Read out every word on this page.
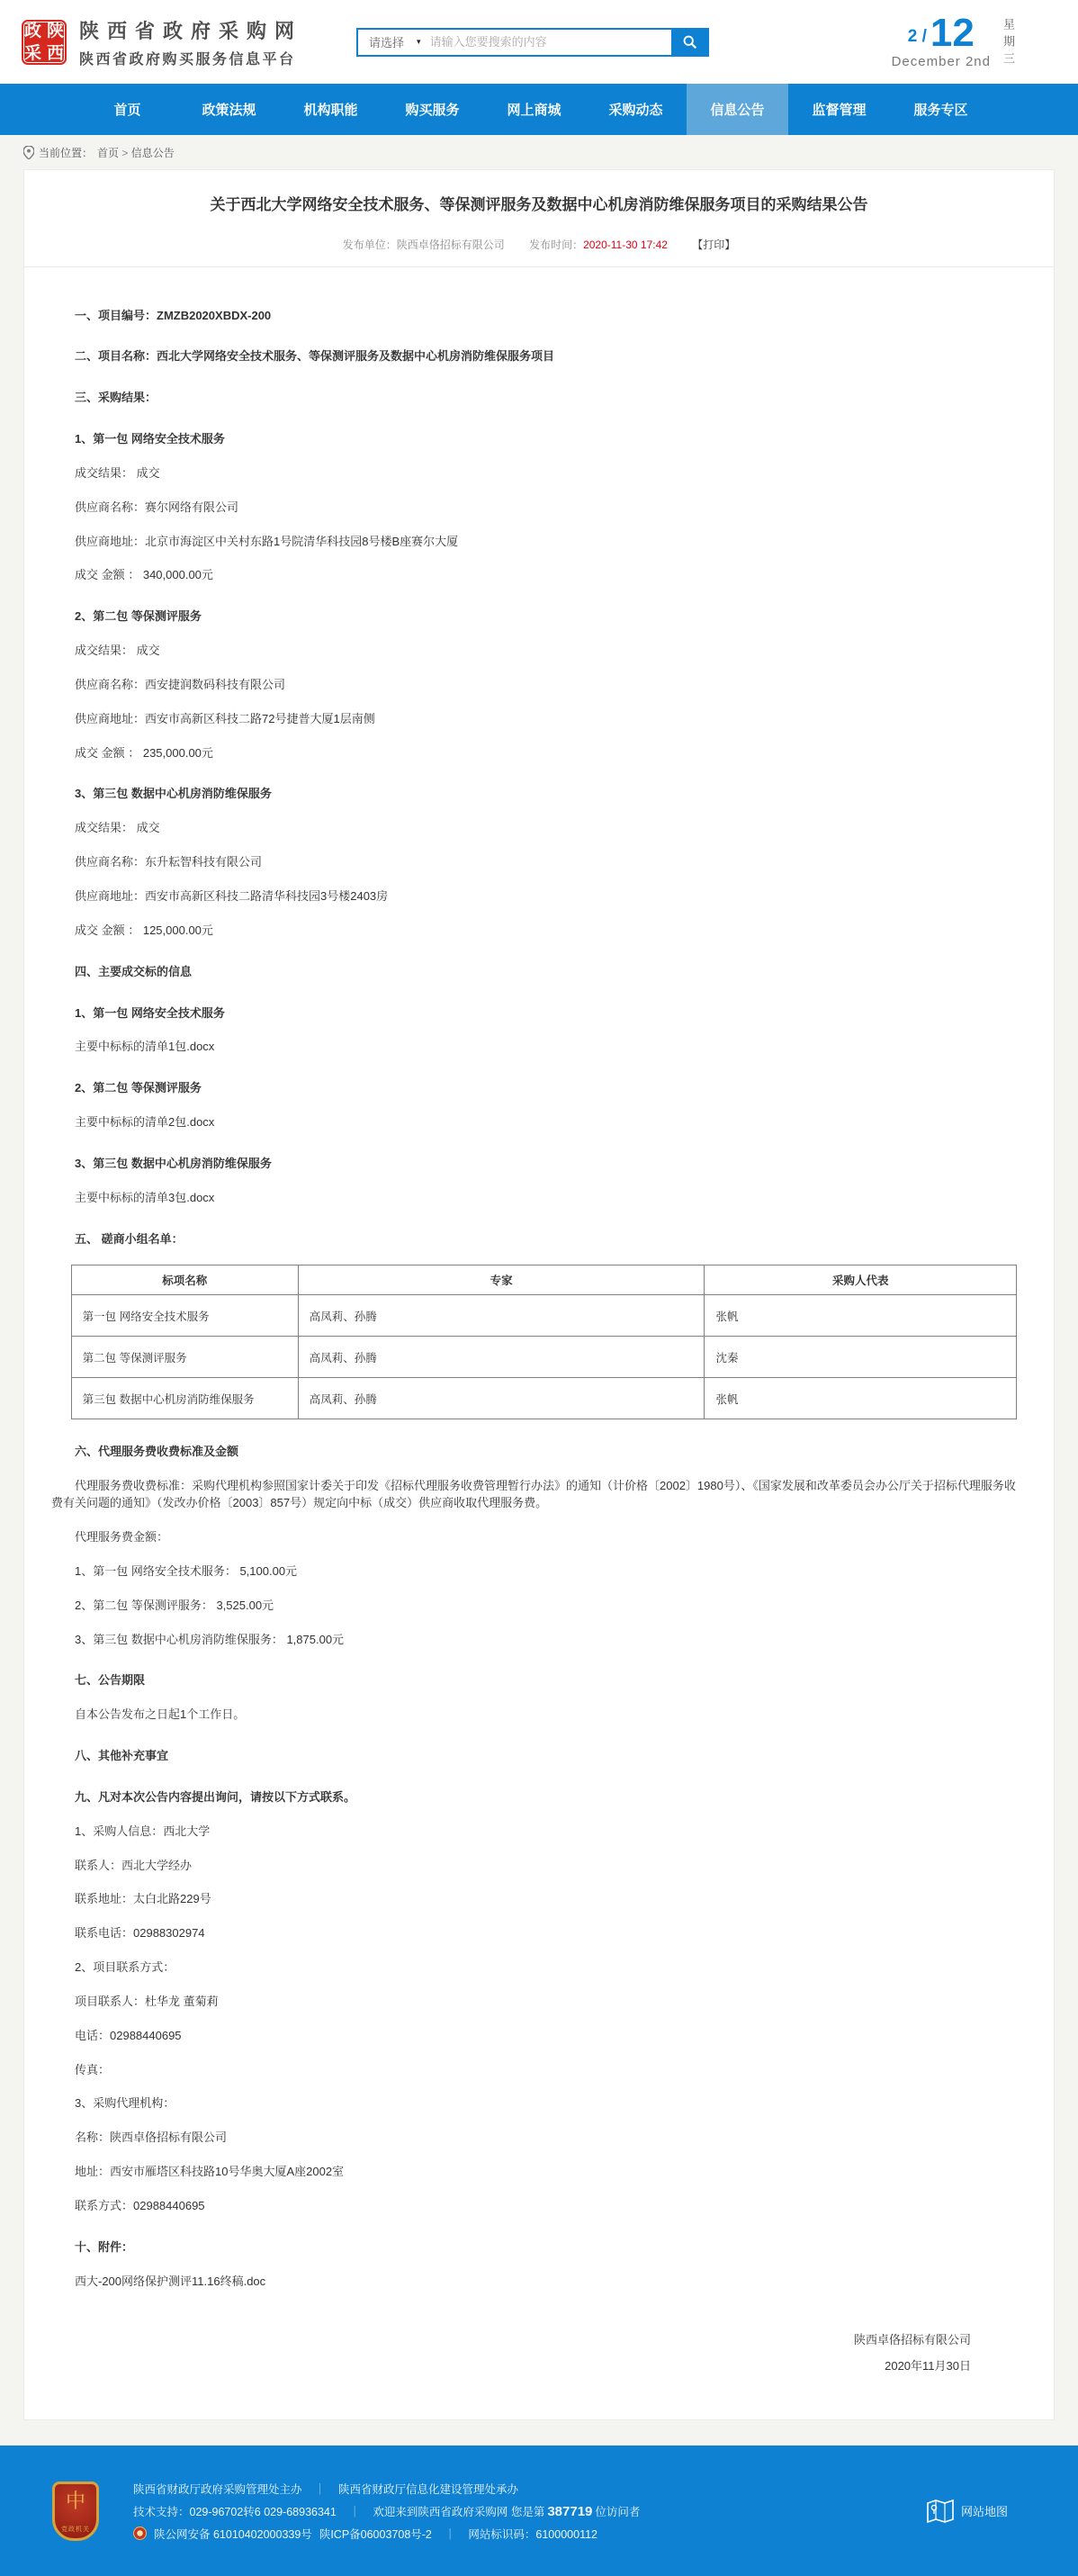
政 陕
采 西
陕西省政府采购网
陕西省政府购买服务信息平台
请选择 ▾
请输入您要搜索的内容	2 / 12
December 2nd 星期三
首页	政策法规	机构职能	购买服务	网上商城	采购动态	信息公告	监督管理	服务专区
当前位置： 首页 > 信息公告
关于西北大学网络安全技术服务、等保测评服务及数据中心机房消防维保服务项目的采购结果公告
发布单位：陕西卓佫招标有限公司 发布时间：2020-11-30 17:42 【打印】

一、项目编号：ZMZB2020XBDX-200

二、项目名称：西北大学网络安全技术服务、等保测评服务及数据中心机房消防维保服务项目

三、采购结果：

1、第一包 网络安全技术服务

成交结果： 成交

供应商名称：赛尔网络有限公司

供应商地址：北京市海淀区中关村东路1号院清华科技园8号楼B座赛尔大厦

成交 金额 ： 340,000.00元

2、第二包 等保测评服务

成交结果： 成交

供应商名称：西安捷润数码科技有限公司

供应商地址：西安市高新区科技二路72号捷普大厦1层南侧

成交 金额 ： 235,000.00元

3、第三包 数据中心机房消防维保服务

成交结果： 成交

供应商名称：东升耘智科技有限公司

供应商地址：西安市高新区科技二路清华科技园3号楼2403房

成交 金额 ： 125,000.00元

四、主要成交标的信息

1、第一包 网络安全技术服务

主要中标标的清单1包.docx

2、第二包 等保测评服务

主要中标标的清单2包.docx

3、第三包 数据中心机房消防维保服务

主要中标标的清单3包.docx

五、 磋商小组名单：

标项名称	专家	采购人代表
第一包 网络安全技术服务	高凤莉、孙腾	张帆
第二包 等保测评服务	高凤莉、孙腾	沈秦
第三包 数据中心机房消防维保服务	高凤莉、孙腾	张帆

六、代理服务费收费标准及金额

代理服务费收费标准：采购代理机构参照国家计委关于印发《招标代理服务收费管理暂行办法》的通知（计价格〔2002〕1980号）、《国家发展和改革委员会办公厅关于招标代理服务收费有关问题的通知》（发改办价格〔2003〕857号）规定向中标（成交）供应商收取代理服务费。

代理服务费金额：

1、第一包 网络安全技术服务： 5,100.00元

2、第二包 等保测评服务： 3,525.00元

3、第三包 数据中心机房消防维保服务： 1,875.00元

七、公告期限

自本公告发布之日起1个工作日。

八、其他补充事宜

九、凡对本次公告内容提出询问，请按以下方式联系。

1、采购人信息：西北大学

联系人：西北大学经办

联系地址：太白北路229号

联系电话：02988302974

2、项目联系方式：

项目联系人：杜华龙 董菊莉

电话：02988440695

传真：

3、采购代理机构：

名称：陕西卓佫招标有限公司

地址：西安市雁塔区科技路10号华奥大厦A座2002室

联系方式：02988440695

十、附件：

西大-200网络保护测评11.16终稿.doc

陕西卓佫招标有限公司
2020年11月30日
中
党政机关
陕西省财政厅政府采购管理处主办	｜	陕西省财政厅信息化建设管理处承办
技术支持：029-96702转6 029-68936341	｜	欢迎来到陕西省政府采购网 您是第 387719 位访问者
陕公网安备 61010402000339号 陕ICP备06003708号-2	｜	网站标识码：6100000112
网站地图
